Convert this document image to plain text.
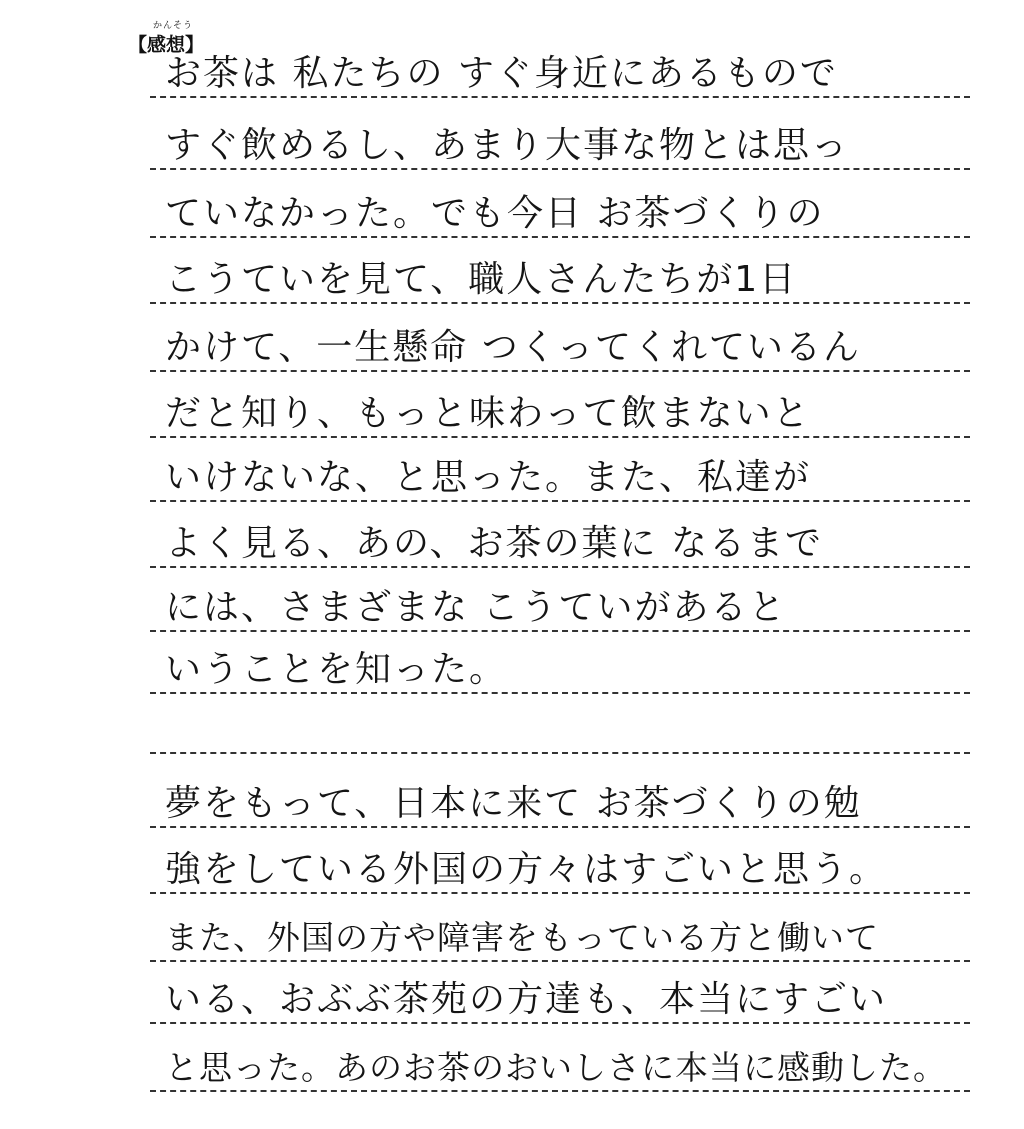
かんそう
【感想】
お茶は 私たちの すぐ身近にあるもので
すぐ飲めるし、あまり大事な物とは思っ
ていなかった。でも今日 お茶づくりの
こうていを見て、職人さんたちが1日
かけて、一生懸命 つくってくれているん
だと知り、もっと味わって飲まないと
いけないな、と思った。また、私達が
よく見る、あの、お茶の葉に なるまで
には、さまざまな こうていがあると
いうことを知った。
夢をもって、日本に来て お茶づくりの勉
強をしている外国の方々はすごいと思う。
また、外国の方や障害をもっている方と働いて
いる、おぶぶ茶苑の方達も、本当にすごい
と思った。あのお茶のおいしさに本当に感動した。
